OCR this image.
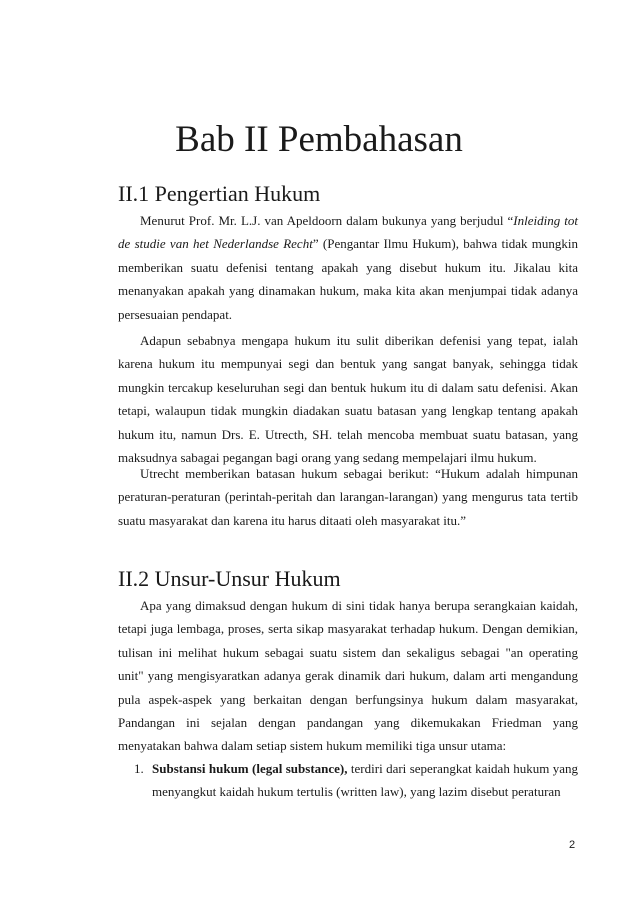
Bab II Pembahasan
II.1 Pengertian Hukum

Menurut Prof. Mr. L.J. van Apeldoorn dalam bukunya yang berjudul “Inleiding tot de studie van het Nederlandse Recht” (Pengantar Ilmu Hukum), bahwa tidak mungkin memberikan suatu defenisi tentang apakah yang disebut hukum itu. Jikalau kita menanyakan apakah yang dinamakan hukum, maka kita akan menjumpai tidak adanya persesuaian pendapat.

Adapun sebabnya mengapa hukum itu sulit diberikan defenisi yang tepat, ialah karena hukum itu mempunyai segi dan bentuk yang sangat banyak, sehingga tidak mungkin tercakup keseluruhan segi dan bentuk hukum itu di dalam satu defenisi. Akan tetapi, walaupun tidak mungkin diadakan suatu batasan yang lengkap tentang apakah hukum itu, namun Drs. E. Utrecth, SH. telah mencoba membuat suatu batasan, yang maksudnya sabagai pegangan bagi orang yang sedang mempelajari ilmu hukum.

Utrecht memberikan batasan hukum sebagai berikut: “Hukum adalah himpunan peraturan-peraturan (perintah-peritah dan larangan-larangan) yang mengurus tata tertib suatu masyarakat dan karena itu harus ditaati oleh masyarakat itu.”

II.2 Unsur-Unsur Hukum

Apa yang dimaksud dengan hukum di sini tidak hanya berupa serangkaian kaidah, tetapi juga lembaga, proses, serta sikap masyarakat terhadap hukum. Dengan demikian, tulisan ini melihat hukum sebagai suatu sistem dan sekaligus sebagai "an operating unit" yang mengisyaratkan adanya gerak dinamik dari hukum, dalam arti mengandung pula aspek-aspek yang berkaitan dengan berfungsinya hukum dalam masyarakat, Pandangan ini sejalan dengan pandangan yang dikemukakan Friedman yang menyatakan bahwa dalam setiap sistem hukum memiliki tiga unsur utama:

1. Substansi hukum (legal substance), terdiri dari seperangkat kaidah hukum yang menyangkut kaidah hukum tertulis (written law), yang lazim disebut peraturan
2
